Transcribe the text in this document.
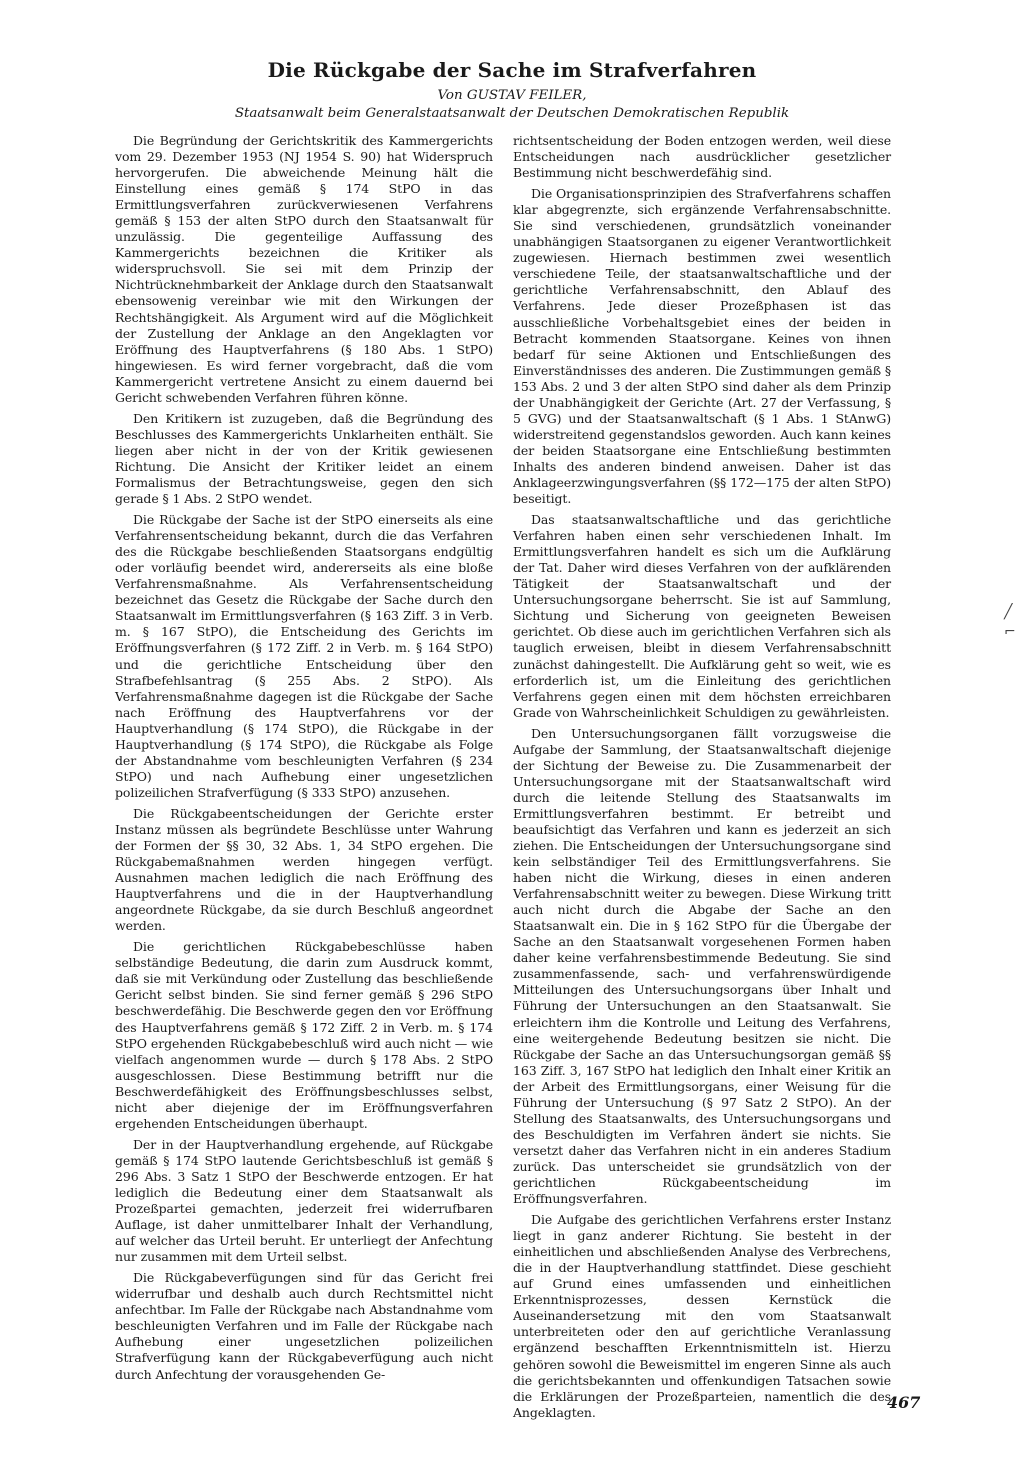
Die Rückgabe der Sache im Strafverfahren
Von GUSTAV FEILER,
Staatsanwalt beim Generalstaatsanwalt der Deutschen Demokratischen Republik

Die Begründung der Gerichtskritik des Kammergerichts vom 29. Dezember 1953 (NJ 1954 S. 90) hat Widerspruch hervorgerufen. Die abweichende Meinung hält die Einstellung eines gemäß § 174 StPO in das Ermittlungsverfahren zurückverwiesenen Verfahrens gemäß § 153 der alten StPO durch den Staatsanwalt für unzulässig. Die gegenteilige Auffassung des Kammergerichts bezeichnen die Kritiker als widerspruchsvoll. Sie sei mit dem Prinzip der Nichtrücknehmbarkeit der Anklage durch den Staatsanwalt ebensowenig vereinbar wie mit den Wirkungen der Rechtshängigkeit. Als Argument wird auf die Möglichkeit der Zustellung der Anklage an den Angeklagten vor Eröffnung des Hauptverfahrens (§ 180 Abs. 1 StPO) hingewiesen. Es wird ferner vorgebracht, daß die vom Kammergericht vertretene Ansicht zu einem dauernd bei Gericht schwebenden Verfahren führen könne.

Den Kritikern ist zuzugeben, daß die Begründung des Beschlusses des Kammergerichts Unklarheiten enthält. Sie liegen aber nicht in der von der Kritik gewiesenen Richtung. Die Ansicht der Kritiker leidet an einem Formalismus der Betrachtungsweise, gegen den sich gerade § 1 Abs. 2 StPO wendet.

Die Rückgabe der Sache ist der StPO einerseits als eine Verfahrensentscheidung bekannt, durch die das Verfahren des die Rückgabe beschließenden Staatsorgans endgültig oder vorläufig beendet wird, andererseits als eine bloße Verfahrensmaßnahme. Als Verfahrensentscheidung bezeichnet das Gesetz die Rückgabe der Sache durch den Staatsanwalt im Ermittlungsverfahren (§ 163 Ziff. 3 in Verb. m. § 167 StPO), die Entscheidung des Gerichts im Eröffnungsverfahren (§ 172 Ziff. 2 in Verb. m. § 164 StPO) und die gerichtliche Entscheidung über den Strafbefehlsantrag (§ 255 Abs. 2 StPO). Als Verfahrensmaßnahme dagegen ist die Rückgabe der Sache nach Eröffnung des Hauptverfahrens vor der Hauptverhandlung (§ 174 StPO), die Rückgabe in der Hauptverhandlung (§ 174 StPO), die Rückgabe als Folge der Abstandnahme vom beschleunigten Verfahren (§ 234 StPO) und nach Aufhebung einer ungesetzlichen polizeilichen Strafverfügung (§ 333 StPO) anzusehen.

Die Rückgabeentscheidungen der Gerichte erster Instanz müssen als begründete Beschlüsse unter Wahrung der Formen der §§ 30, 32 Abs. 1, 34 StPO ergehen. Die Rückgabemaßnahmen werden hingegen verfügt. Ausnahmen machen lediglich die nach Eröffnung des Hauptverfahrens und die in der Hauptverhandlung angeordnete Rückgabe, da sie durch Beschluß angeordnet werden.

Die gerichtlichen Rückgabebeschlüsse haben selbständige Bedeutung, die darin zum Ausdruck kommt, daß sie mit Verkündung oder Zustellung das beschließende Gericht selbst binden. Sie sind ferner gemäß § 296 StPO beschwerdefähig. Die Beschwerde gegen den vor Eröffnung des Hauptverfahrens gemäß § 172 Ziff. 2 in Verb. m. § 174 StPO ergehenden Rückgabebeschluß wird auch nicht — wie vielfach angenommen wurde — durch § 178 Abs. 2 StPO ausgeschlossen. Diese Bestimmung betrifft nur die Beschwerdefähigkeit des Eröffnungsbeschlusses selbst, nicht aber diejenige der im Eröffnungsverfahren ergehenden Entscheidungen überhaupt.

Der in der Hauptverhandlung ergehende, auf Rückgabe gemäß § 174 StPO lautende Gerichtsbeschluß ist gemäß § 296 Abs. 3 Satz 1 StPO der Beschwerde entzogen. Er hat lediglich die Bedeutung einer dem Staatsanwalt als Prozeßpartei gemachten, jederzeit frei widerrufbaren Auflage, ist daher unmittelbarer Inhalt der Verhandlung, auf welcher das Urteil beruht. Er unterliegt der Anfechtung nur zusammen mit dem Urteil selbst.

Die Rückgabeverfügungen sind für das Gericht frei widerrufbar und deshalb auch durch Rechtsmittel nicht anfechtbar. Im Falle der Rückgabe nach Abstandnahme vom beschleunigten Verfahren und im Falle der Rückgabe nach Aufhebung einer ungesetzlichen polizeilichen Strafverfügung kann der Rückgabeverfügung auch nicht durch Anfechtung der vorausgehenden Ge-

richtsentscheidung der Boden entzogen werden, weil diese Entscheidungen nach ausdrücklicher gesetzlicher Bestimmung nicht beschwerdefähig sind.

Die Organisationsprinzipien des Strafverfahrens schaffen klar abgegrenzte, sich ergänzende Verfahrensabschnitte. Sie sind verschiedenen, grundsätzlich voneinander unabhängigen Staatsorganen zu eigener Verantwortlichkeit zugewiesen. Hiernach bestimmen zwei wesentlich verschiedene Teile, der staatsanwaltschaftliche und der gerichtliche Verfahrensabschnitt, den Ablauf des Verfahrens. Jede dieser Prozeßphasen ist das ausschließliche Vorbehaltsgebiet eines der beiden in Betracht kommenden Staatsorgane. Keines von ihnen bedarf für seine Aktionen und Entschließungen des Einverständnisses des anderen. Die Zustimmungen gemäß § 153 Abs. 2 und 3 der alten StPO sind daher als dem Prinzip der Unabhängigkeit der Gerichte (Art. 27 der Verfassung, § 5 GVG) und der Staatsanwaltschaft (§ 1 Abs. 1 StAnwG) widerstreitend gegenstandslos geworden. Auch kann keines der beiden Staatsorgane eine Entschließung bestimmten Inhalts des anderen bindend anweisen. Daher ist das Anklageerzwingungsverfahren (§§ 172—175 der alten StPO) beseitigt.

Das staatsanwaltschaftliche und das gerichtliche Verfahren haben einen sehr verschiedenen Inhalt. Im Ermittlungsverfahren handelt es sich um die Aufklärung der Tat. Daher wird dieses Verfahren von der aufklärenden Tätigkeit der Staatsanwaltschaft und der Untersuchungsorgane beherrscht. Sie ist auf Sammlung, Sichtung und Sicherung von geeigneten Beweisen gerichtet. Ob diese auch im gerichtlichen Verfahren sich als tauglich erweisen, bleibt in diesem Verfahrensabschnitt zunächst dahingestellt. Die Aufklärung geht so weit, wie es erforderlich ist, um die Einleitung des gerichtlichen Verfahrens gegen einen mit dem höchsten erreichbaren Grade von Wahrscheinlichkeit Schuldigen zu gewährleisten.

Den Untersuchungsorganen fällt vorzugsweise die Aufgabe der Sammlung, der Staatsanwaltschaft diejenige der Sichtung der Beweise zu. Die Zusammenarbeit der Untersuchungsorgane mit der Staatsanwaltschaft wird durch die leitende Stellung des Staatsanwalts im Ermittlungsverfahren bestimmt. Er betreibt und beaufsichtigt das Verfahren und kann es jederzeit an sich ziehen. Die Entscheidungen der Untersuchungsorgane sind kein selbständiger Teil des Ermittlungsverfahrens. Sie haben nicht die Wirkung, dieses in einen anderen Verfahrensabschnitt weiter zu bewegen. Diese Wirkung tritt auch nicht durch die Abgabe der Sache an den Staatsanwalt ein. Die in § 162 StPO für die Übergabe der Sache an den Staatsanwalt vorgesehenen Formen haben daher keine verfahrensbestimmende Bedeutung. Sie sind zusammenfassende, sach- und verfahrenswürdigende Mitteilungen des Untersuchungsorgans über Inhalt und Führung der Untersuchungen an den Staatsanwalt. Sie erleichtern ihm die Kontrolle und Leitung des Verfahrens, eine weitergehende Bedeutung besitzen sie nicht. Die Rückgabe der Sache an das Untersuchungsorgan gemäß §§ 163 Ziff. 3, 167 StPO hat lediglich den Inhalt einer Kritik an der Arbeit des Ermittlungsorgans, einer Weisung für die Führung der Untersuchung (§ 97 Satz 2 StPO). An der Stellung des Staatsanwalts, des Untersuchungsorgans und des Beschuldigten im Verfahren ändert sie nichts. Sie versetzt daher das Verfahren nicht in ein anderes Stadium zurück. Das unterscheidet sie grundsätzlich von der gerichtlichen Rückgabeentscheidung im Eröffnungsverfahren.

Die Aufgabe des gerichtlichen Verfahrens erster Instanz liegt in ganz anderer Richtung. Sie besteht in der einheitlichen und abschließenden Analyse des Verbrechens, die in der Hauptverhandlung stattfindet. Diese geschieht auf Grund eines umfassenden und einheitlichen Erkenntnisprozesses, dessen Kernstück die Auseinandersetzung mit den vom Staatsanwalt unterbreiteten oder den auf gerichtliche Veranlassung ergänzend beschafften Erkenntnismitteln ist. Hierzu gehören sowohl die Beweismittel im engeren Sinne als auch die gerichtsbekannten und offenkundigen Tatsachen sowie die Erklärungen der Prozeßparteien, namentlich die des Angeklagten.

╱
⌐
467
